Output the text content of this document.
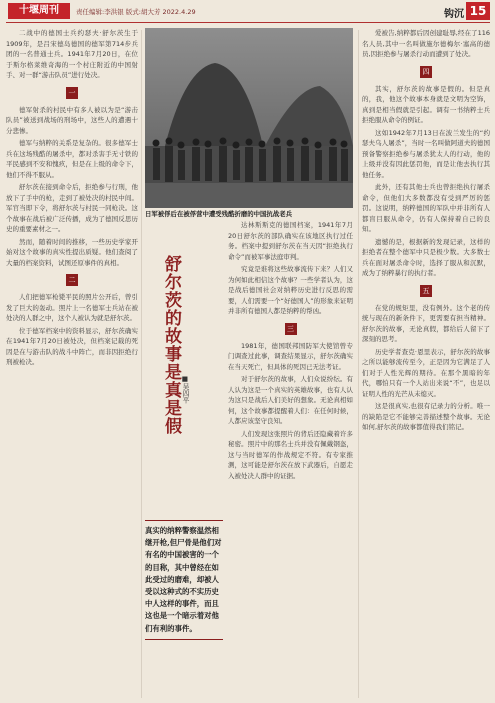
十堰周刊	责任编辑:李洪银 版式:胡大芳 2022.4.29	钩沉 15

二战中的德国士兵约瑟夫·舒尔茨生于1909年，是吕宋德岛德国的德军第714步兵团的一名普通士兵。1941年7月20日，在位于斯尔格莱维奇海的一个村庄附近的中国射手、对一群“游击队员”进行处决。

一

德军射杀的村民中有多人被以为是“游击队员”被送到战场的刑场中，这些人的遭遇十分悲惨。

德军与纳粹的关系是复杂的。很多德军士兵在这场残酷的屠杀中，都对杀害手无寸铁的平民感到不安和愧疚，但是在上级的命令下，他们不得不服从。

舒尔茨在接到命令后，拒绝参与行刑，他放下了手中的枪，走到了被处决的村民中间。军官当即下令，将舒尔茨与村民一同枪决。这个故事在战后被广泛传播，成为了德国反思历史的重要素材之一。

然而，随着时间的推移，一些历史学家开始对这个故事的真实性提出质疑。他们查阅了大量的档案资料，试图还原事件的真相。

二

人们把德军枪毙平民的照片公开后，曾引发了巨大的轰动。照片上一名德军士兵站在被处决的人群之中，这个人被认为就是舒尔茨。

位于德军档案中的资料显示，舒尔茨确实在1941年7月20日被处决，但档案记载的死因是在与游击队的战斗中阵亡，而非因拒绝行刑被枪决。

日军被俘后在被俘营中遭受残酷折磨的中国抗战老兵
舒尔茨的故事是真是假 ■吴四平
真实的纳粹警察温然相继开枪,但尸骨是他们对有名的中国被害的一个的目称，其中曾经在如此受过的磨难，却被人受以这种式的不实历史中人这样的事件，而且这也是一个暗示着对他们有利的事件。

达林斯斯克的德国档案，1941年7月20日舒尔茨的部队确实在该地区执行过任务。档案中提到舒尔茨在当天因“拒绝执行命令”而被军事法庭审判。

究竟是谁将这些故事流传下来？人们又为何如此相信这个故事？一些学者认为，这是战后德国社会对纳粹历史进行反思的需要，人们需要一个“好德国人”的形象来证明并非所有德国人都是纳粹的帮凶。

三

1981年，德国联邦国防军大使馆曾专门调查过此事，调查结果显示，舒尔茨确实在当天死亡，但具体的死因已无法考证。

对于舒尔茨的故事，人们众说纷纭。有人认为这是一个真实的英雄故事，也有人认为这只是战后人们美好的想象。无论真相如何，这个故事都提醒着人们：在任何时候，人都应该坚守良知。

人们发现这张照片的背后还隐藏着许多秘密。照片中的那名士兵并没有佩戴钢盔，这与当时德军的作战规定不符。有专家推测，这可能是舒尔茨在放下武器后，自愿走入被处决人群中的证据。

爱被告,纳粹都后因创建耻辱,经在了116名人员,其中一名叫做施尔德梅尔·塞高的德员,因拒绝参与屠杀行动而遭到了处决。

四

其实，舒尔茨的故事是假的。但是真的，我，他这个故事本身就是文明为空饰，真到是相当假就是引起。调有一书纳粹士兵拒绝服从命令的例证。

这如1942年7月13日在波兰发生的“约瑟夫乌人屠杀”，当时一名叫做阿道夫的德国预备警察拒绝参与屠杀犹太人的行动，他的上级并没有因此惩罚他，而是让他去执行其他任务。

此外，还有其他士兵也曾拒绝执行屠杀命令，但他们大多数都没有受到严厉的惩罚。这说明，纳粹德国的军队中并非所有人都盲目服从命令，仍有人保持着自己的良知。

遗憾的是，根据新的发现记录，这样的拒绝者在整个德军中只是极少数。大多数士兵在面对屠杀命令时，选择了服从和沉默，成为了纳粹暴行的执行者。

五

在党的规矩里，没有例外。这个老的传统与现在的新条件下，更需要有担当精神。舒尔茨的故事，无论真假，都给后人留下了深刻的思考。

历史学者查克·恩里表示，舒尔茨的故事之所以能够流传至今，正是因为它满足了人们对于人性光辉的期待。在那个黑暗的年代，哪怕只有一个人站出来说“不”，也足以证明人性的光芒从未熄灭。

这是很真实,也很有记录力的分析。唯一的缺陷是它不能够完善描述整个故事。无论如何,舒尔茨的故事都值得我们铭记。
